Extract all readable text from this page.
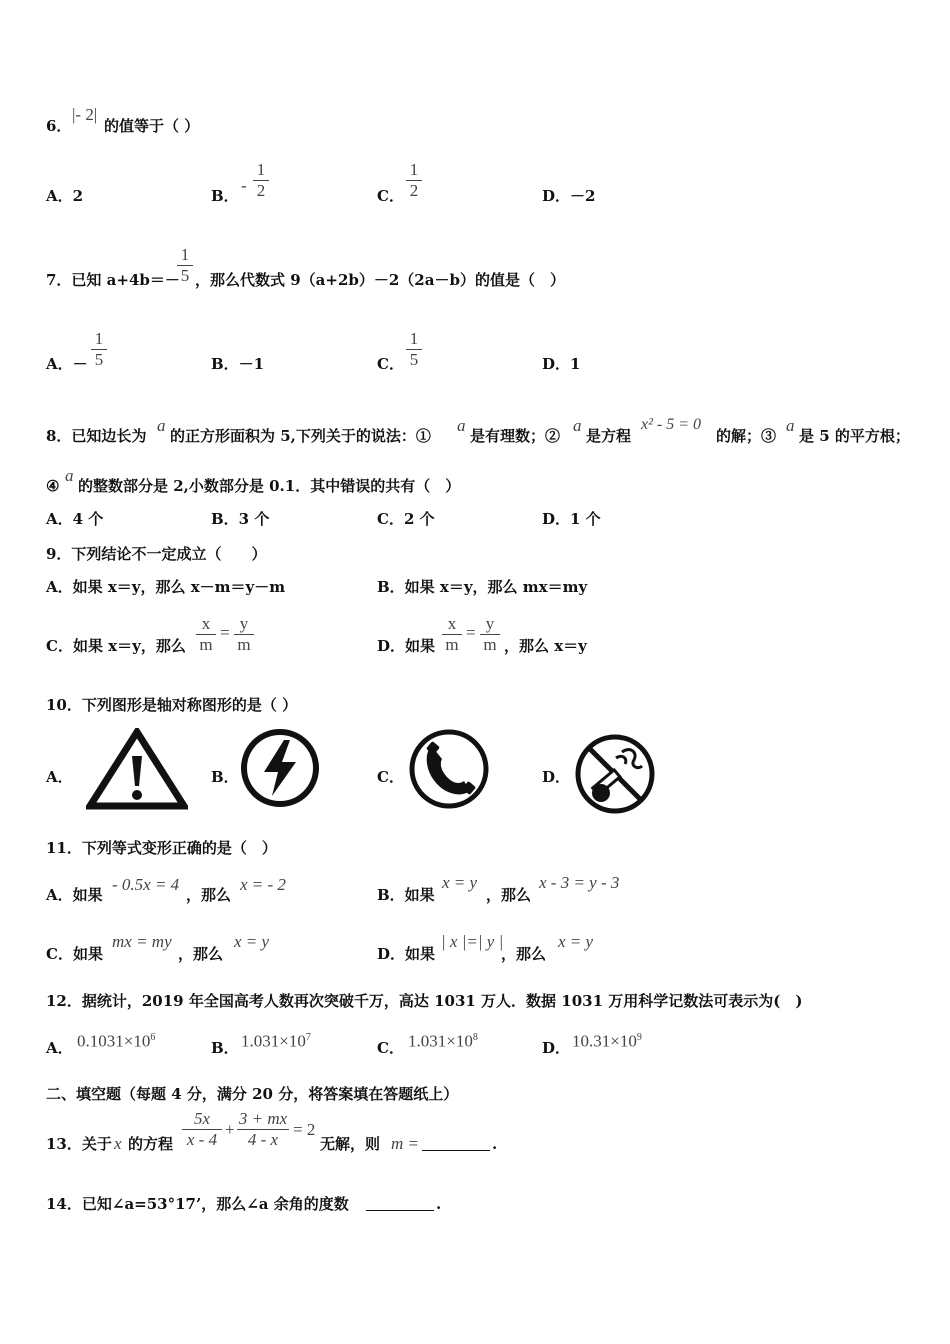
6．
|- 2|
的值等于（ ）
A．2	B．
-
1
2	C．
1
2	D．－2
7．已知 a+4b＝－
1
5 ，那么代数式 9（a+2b）－2（2a－b）的值是（　）
A．－
1
5	B．－1	C．
1
5	D．1
8．已知边长为
a
的正方形面积为 5,下列关于的说法：①
a
是有理数；②
a
是方程
x² - 5 = 0
的解；③
a
是 5 的平方根；
④
a
的整数部分是 2,小数部分是 0.1．其中错误的共有（　）
A．4 个	B．3 个	C．2 个	D．1 个
9．下列结论不一定成立（　　）
A．如果 x＝y，那么 x－m＝y－m	B．如果 x＝y，那么 mx＝my
C．如果 x＝y，那么
x
m
= y
m	D．如果
x
m
= y
m ，那么 x＝y
10．下列图形是轴对称图形的是（ ）
A．	B．	C．	D．
11．下列等式变形正确的是（　）
A．如果
- 0.5x = 4
，那么
x = - 2
B．如果
x = y
，那么
x - 3 = y - 3
C．如果
mx = my
，那么
x = y
D．如果
| x |=| y |
，那么
x = y
12．据统计，2019 年全国高考人数再次突破千万，高达 1031 万人．数据 1031 万用科学记数法可表示为(　)
A． $0.1031\times 10^6$
B． $1.031\times 10^7$
C． $1.031\times 10^8$
D． $10.31\times 10^9$
二、填空题（每题 4 分，满分 20 分，将答案填在答题纸上）
13．关于 x 的方程
5x
x - 4
+
3 + mx
4 - x
= 2
无解，则 m =	.
14．已知∠a=53°17’，那么∠a 余角的度数	.
